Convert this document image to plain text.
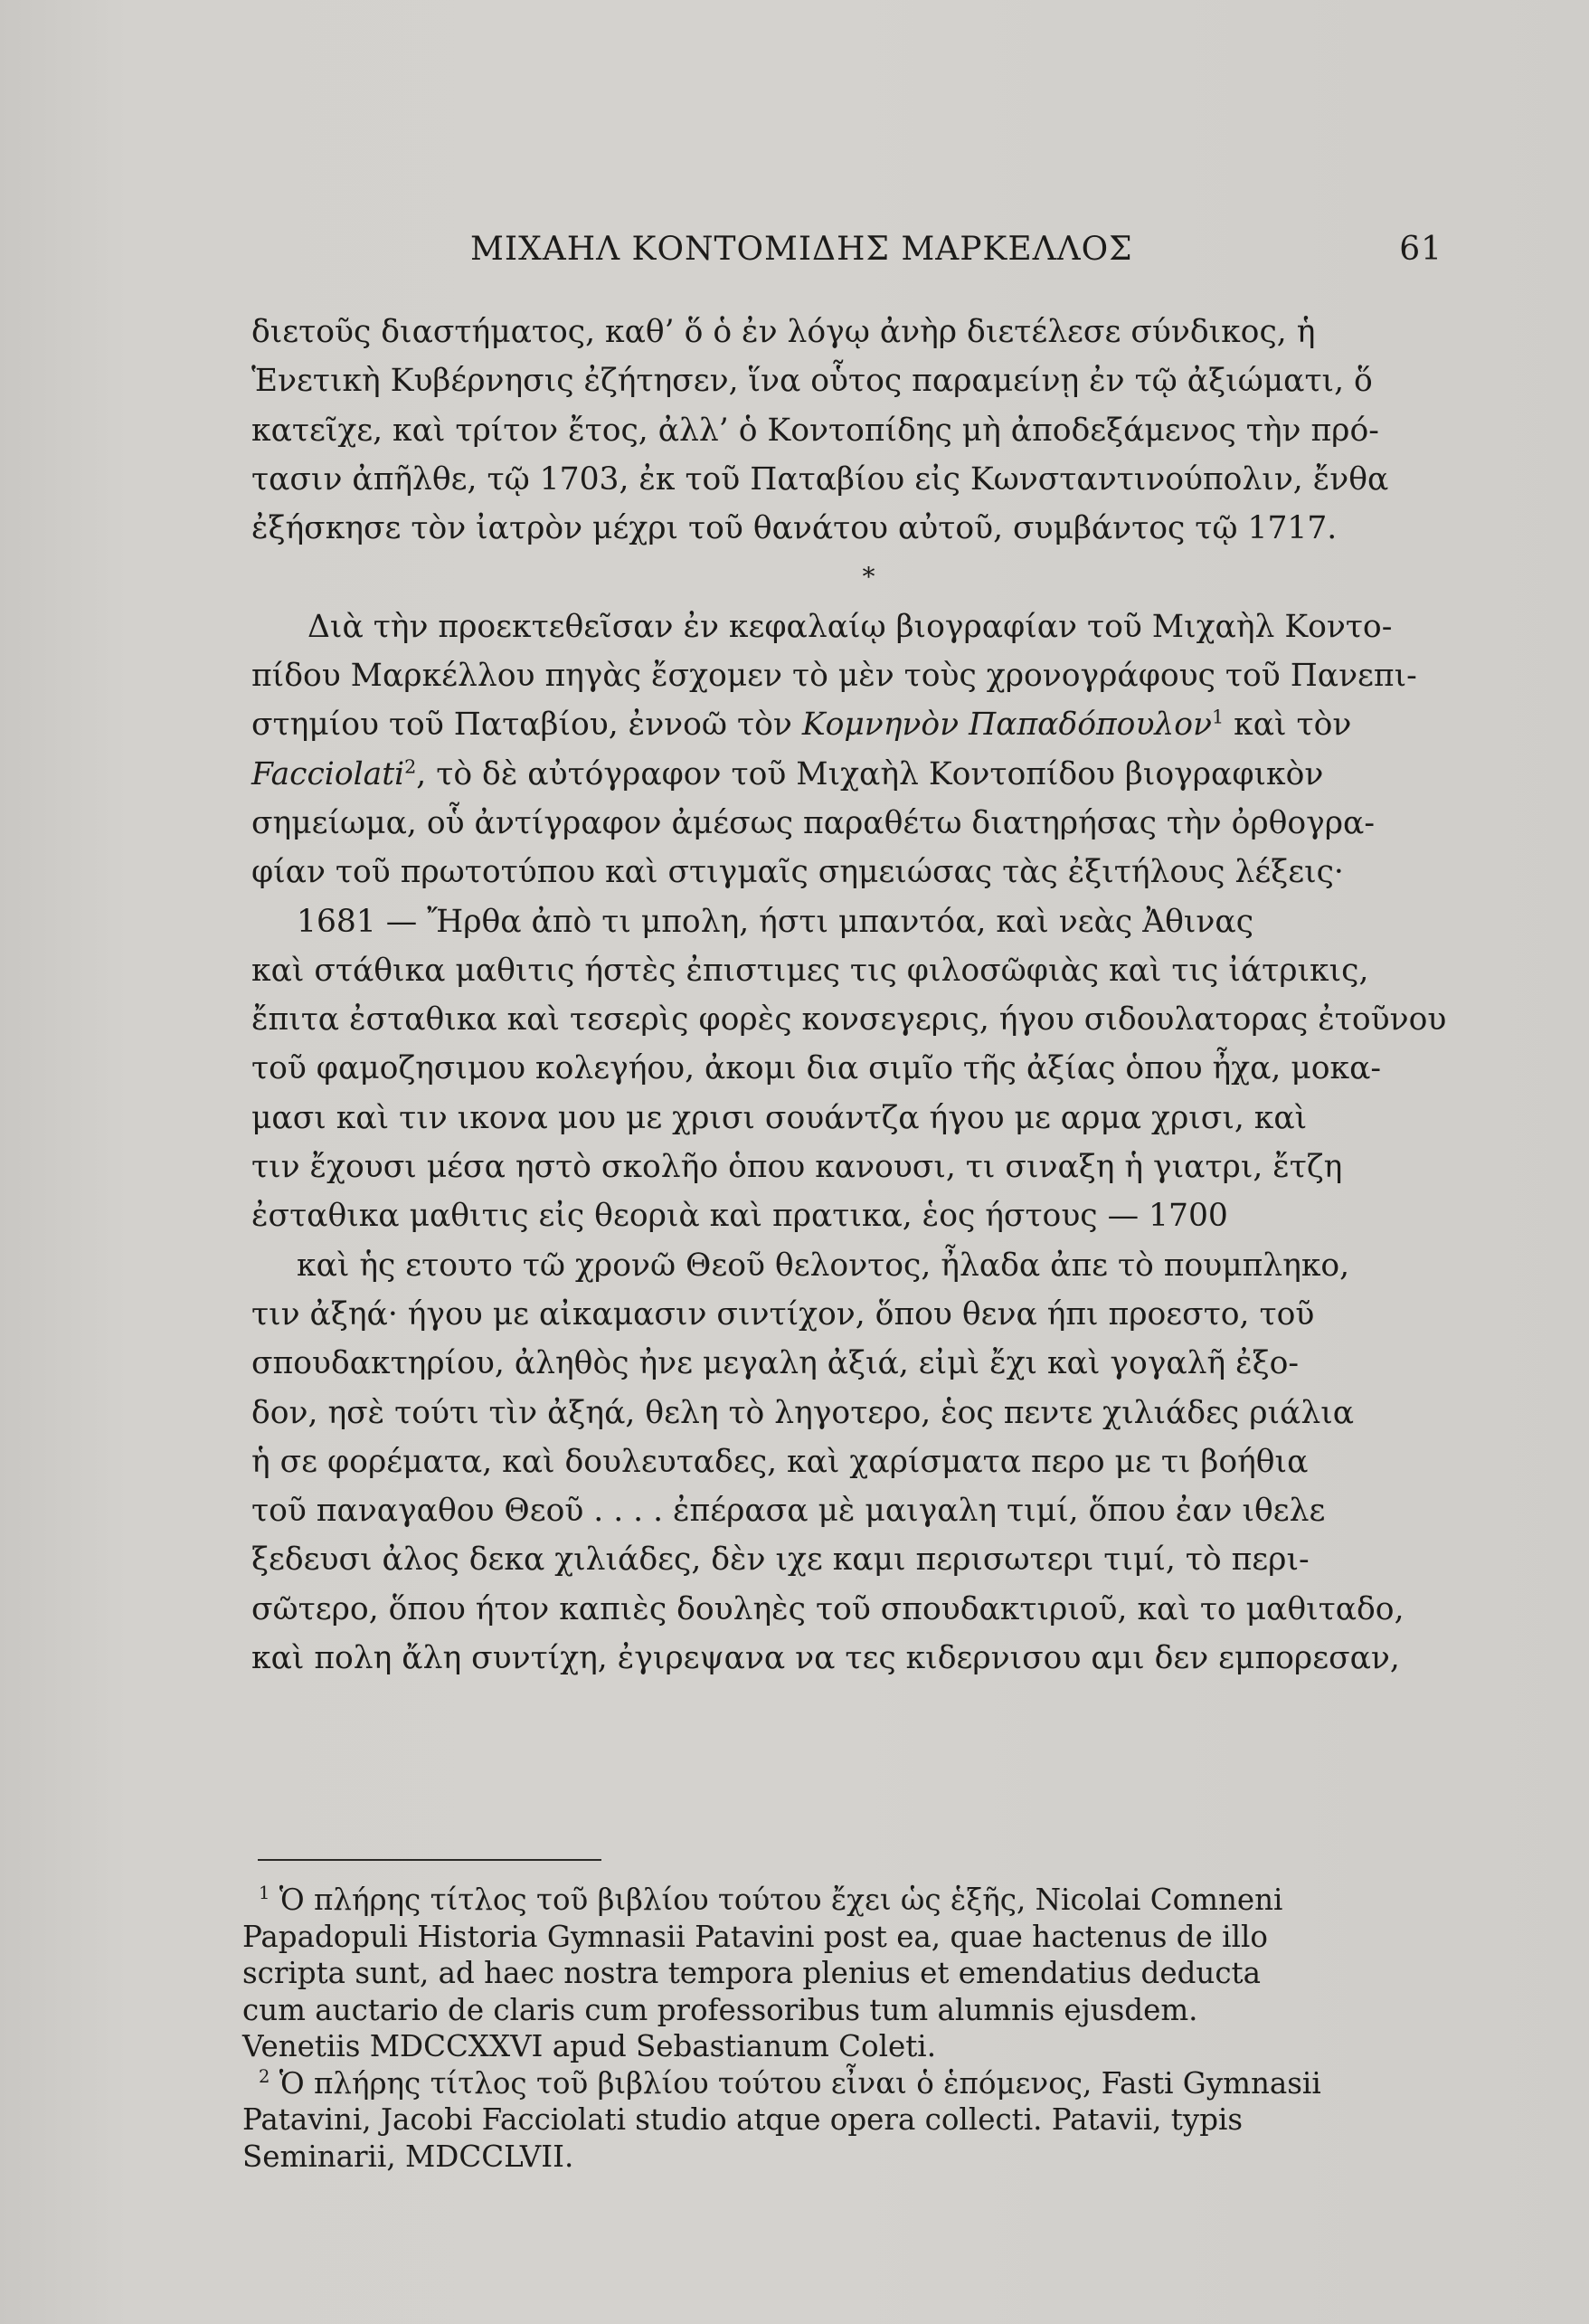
ΜΙΧΑΗΛ ΚΟΝΤΟΜΙΔΗΣ ΜΑΡΚΕΛΛΟΣ	61
διετοῦς διαστήματος, καθ’ ὅ ὁ ἐν λόγῳ ἀνὴρ διετέλεσε σύνδικος, ἡ
Ἑνετικὴ Κυβέρνησις ἐζήτησεν, ἵνα οὗτος παραμείνῃ ἐν τῷ ἀξιώματι, ὅ
κατεῖχε, καὶ τρίτον ἔτος, ἀλλ’ ὁ Κοντοπίδης μὴ ἀποδεξάμενος τὴν πρό-
τασιν ἀπῆλθε, τῷ 1703, ἐκ τοῦ Παταβίου εἰς Κωνσταντινούπολιν, ἔνθα
ἐξήσκησε τὸν ἰατρὸν μέχρι τοῦ θανάτου αὐτοῦ, συμβάντος τῷ 1717.
*
Διὰ τὴν προεκτεθεῖσαν ἐν κεφαλαίῳ βιογραφίαν τοῦ Μιχαὴλ Κοντο-
πίδου Μαρκέλλου πηγὰς ἔσχομεν τὸ μὲν τοὺς χρονογράφους τοῦ Πανεπι-
στημίου τοῦ Παταβίου, ἐννοῶ τὸν Κομνηνὸν Παπαδόπουλον$^1$ καὶ τὸν
Facciolati$^2$, τὸ δὲ αὐτόγραφον τοῦ Μιχαὴλ Κοντοπίδου βιογραφικὸν
σημείωμα, οὗ ἀντίγραφον ἀμέσως παραθέτω διατηρήσας τὴν ὀρθογρα-
φίαν τοῦ πρωτοτύπου καὶ στιγμαῖς σημειώσας τὰς ἐξιτήλους λέξεις·
1681 — Ἤρθα ἀπὸ τι μπολη, ήστι μπαντόα, καὶ νεὰς Ἀθινας
καὶ στάθικα μαθιτις ήστὲς ἐπιστιμες τις φιλοσῶφιὰς καὶ τις ἰάτρικις,
ἔπιτα ἐσταθικα καὶ τεσερὶς φορὲς κονσεγερις, ήγου σιδουλατορας ἐτοῦνου
τοῦ φαμοζησιμου κολεγήου, ἀκομι δια σιμῖο τῆς ἀξίας ὁπου ἦχα, μοκα-
μασι καὶ τιν ικονα μου με χρισι σουάντζα ήγου με αρμα χρισι, καὶ
τιν ἔχουσι μέσα ηστὸ σκολῆο ὁπου κανουσι, τι σιναξη ἡ γιατρι, ἔτζη
ἐσταθικα μαθιτις εἰς θεοριὰ καὶ πρατικα, ἑος ήστους — 1700
καὶ ἡς ετουτο τῶ χρονῶ Θεοῦ θελοντος, ἦλαδα ἀπε τὸ πουμπληκο,
τιν ἀξηά· ήγου με αἰκαμασιν σιντίχον, ὅπου θενα ήπι προεστο, τοῦ
σπουδακτηρίου, ἀληθὸς ἠνε μεγαλη ἀξιά, εἰμὶ ἔχι καὶ γογαλῆ ἐξο-
δον, ησὲ τούτι τὶν ἀξηά, θελη τὸ ληγοτερο, ἑος πεντε χιλιάδες ριάλια
ἡ σε φορέματα, καὶ δουλευταδες, καὶ χαρίσματα περο με τι βοήθια
τοῦ παναγαθου Θεοῦ . . . . ἐπέρασα μὲ μαιγαλη τιμί, ὅπου ἐαν ιθελε
ξεδευσι ἀλος δεκα χιλιάδες, δὲν ιχε καμι περισωτερι τιμί, τὸ περι-
σῶτερο, ὅπου ήτον καπιὲς δουληὲς τοῦ σπουδακτιριοῦ, καὶ το μαθιταδο,
καὶ πολη ἄλη συντίχη, ἐγιρεψανα να τες κιδερνισου αμι δεν εμπορεσαν,
$^1$ Ὁ πλήρης τίτλος τοῦ βιβλίου τούτου ἔχει ὡς ἑξῆς, Nicolai Comneni
Papadopuli Historia Gymnasii Patavini post ea, quae hactenus de illo
scripta sunt, ad haec nostra tempora plenius et emendatius deducta
cum auctario de claris cum professoribus tum alumnis ejusdem.
Venetiis MDCCXXVI apud Sebastianum Coleti.
$^2$ Ὁ πλήρης τίτλος τοῦ βιβλίου τούτου εἶναι ὁ ἑπόμενος, Fasti Gymnasii
Patavini, Jacobi Facciolati studio atque opera collecti. Patavii, typis
Seminarii, MDCCLVII.
